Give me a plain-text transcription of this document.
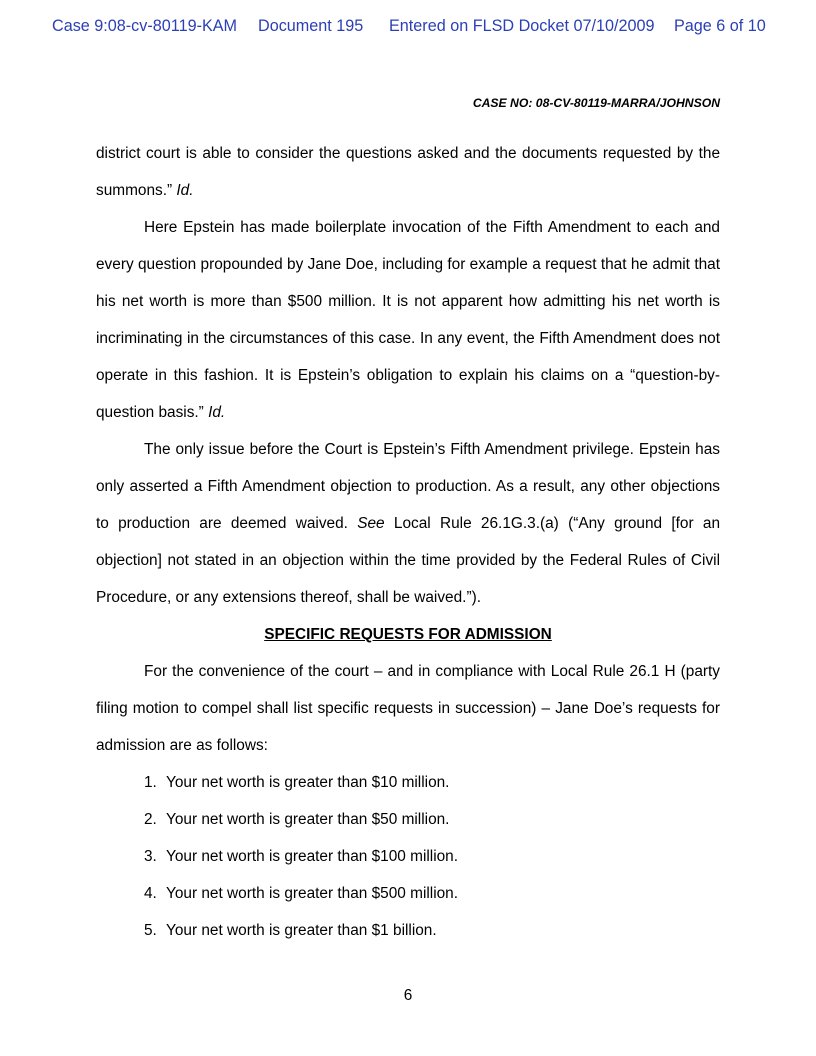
Case 9:08-cv-80119-KAM Document 195 Entered on FLSD Docket 07/10/2009 Page 6 of 10
CASE NO: 08-CV-80119-MARRA/JOHNSON

district court is able to consider the questions asked and the documents requested by the summons.” Id.

Here Epstein has made boilerplate invocation of the Fifth Amendment to each and every question propounded by Jane Doe, including for example a request that he admit that his net worth is more than $500 million. It is not apparent how admitting his net worth is incriminating in the circumstances of this case. In any event, the Fifth Amendment does not operate in this fashion. It is Epstein’s obligation to explain his claims on a “question-by-question basis.” Id.

The only issue before the Court is Epstein’s Fifth Amendment privilege. Epstein has only asserted a Fifth Amendment objection to production. As a result, any other objections to production are deemed waived. See Local Rule 26.1G.3.(a) (“Any ground [for an objection] not stated in an objection within the time provided by the Federal Rules of Civil Procedure, or any extensions thereof, shall be waived.”).

SPECIFIC REQUESTS FOR ADMISSION

For the convenience of the court – and in compliance with Local Rule 26.1 H (party filing motion to compel shall list specific requests in succession) – Jane Doe’s requests for admission are as follows:

1. Your net worth is greater than $10 million.
2. Your net worth is greater than $50 million.
3. Your net worth is greater than $100 million.
4. Your net worth is greater than $500 million.
5. Your net worth is greater than $1 billion.
6
